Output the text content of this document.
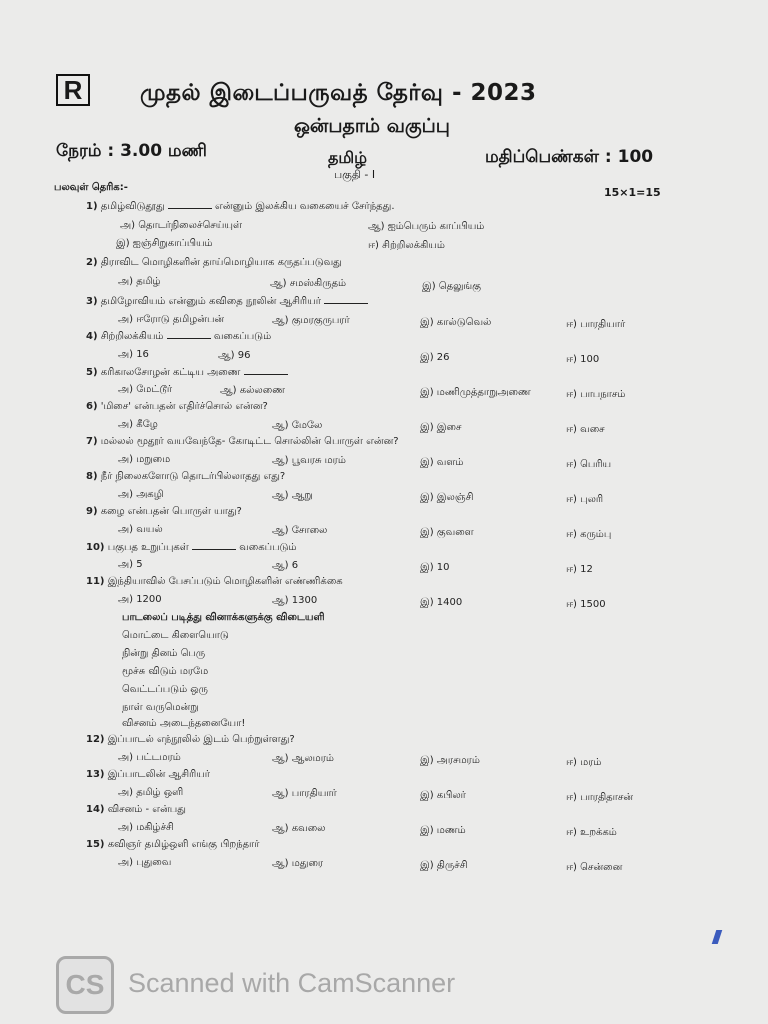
R	முதல் இடைப்பருவத் தேர்வு - 2023
ஒன்பதாம் வகுப்பு
நேரம் : 3.00 மணி	தமிழ்	மதிப்பெண்கள் : 100
பகுதி - I
பலவுள் தெரிக:-	15×1=15
1) தமிழ்விடுதூது	என்னும் இலக்கிய வகையைச் சேர்ந்தது.
அ) தொடர்நிலைச்செய்யுள்	ஆ) ஐம்பெரும் காப்பியம்
இ) ஐஞ்சிறுகாப்பியம்	ஈ) சிற்றிலக்கியம்
2) திராவிட மொழிகளின் தாய்மொழியாக கருதப்படுவது
அ) தமிழ்	ஆ) சமஸ்கிருதம்	இ) தெலுங்கு
3) தமிழோவியம் என்னும் கவிதை நூலின் ஆசிரியர்
அ) ஈரோடு தமிழன்பன்	ஆ) குமரகுருபரர்	இ) கால்டுவெல்	ஈ) பாரதியார்
4) சிற்றிலக்கியம்	வகைப்படும்
அ) 16	ஆ) 96	இ) 26	ஈ) 100
5) கரிகாலசோழன் கட்டிய அணை
அ) மேட்டூர்	ஆ) கல்லணை	இ) மணிமுத்தாறுஅணை	ஈ) பாபநாசம்
6) 'மிசை' என்பதன் எதிர்ச்சொல் என்ன?
அ) கீழே	ஆ) மேலே	இ) இசை	ஈ) வசை
7) மல்லல் மூதூர் வயவேந்தே- கோடிட்ட சொல்லின் பொருள் என்ன?
அ) மறுமை	ஆ) பூவரசு மரம்	இ) வளம்	ஈ) பெரிய
8) நீர் நிலைகளோடு தொடர்பில்லாதது எது?
அ) அகழி	ஆ) ஆறு	இ) இலஞ்சி	ஈ) புலரி
9) கழை என்பதன் பொருள் யாது?
அ) வயல்	ஆ) சோலை	இ) குவளை	ஈ) கரும்பு
10) பகுபத உறுப்புகள்	வகைப்படும்
அ) 5	ஆ) 6	இ) 10	ஈ) 12
11) இந்தியாவில் பேசப்படும் மொழிகளின் எண்ணிக்கை
அ) 1200	ஆ) 1300	இ) 1400	ஈ) 1500
பாடலைப் படித்து வினாக்களுக்கு விடையளி
மொட்டை கிளையொடு
நின்று தினம் பெரு
மூச்சு விடும் மரமே
வெட்டப்படும் ஒரு
நாள் வருமென்று
விசனம் அடைந்தனையோ!
12) இப்பாடல் எந்நூலில் இடம் பெற்றுள்ளது?
அ) பட்டமரம்	ஆ) ஆலமரம்	இ) அரசமரம்	ஈ) மரம்
13) இப்பாடலின் ஆசிரியர்
அ) தமிழ் ஒளி	ஆ) பாரதியார்	இ) கபிலர்	ஈ) பாரதிதாசன்
14) விசனம் - என்பது
அ) மகிழ்ச்சி	ஆ) கவலை	இ) மணம்	ஈ) உறக்கம்
15) கவிஞர் தமிழ்ஒளி எங்கு பிறந்தார்
அ) புதுவை	ஆ) மதுரை	இ) திருச்சி	ஈ) சென்னை
CS Scanned with CamScanner
